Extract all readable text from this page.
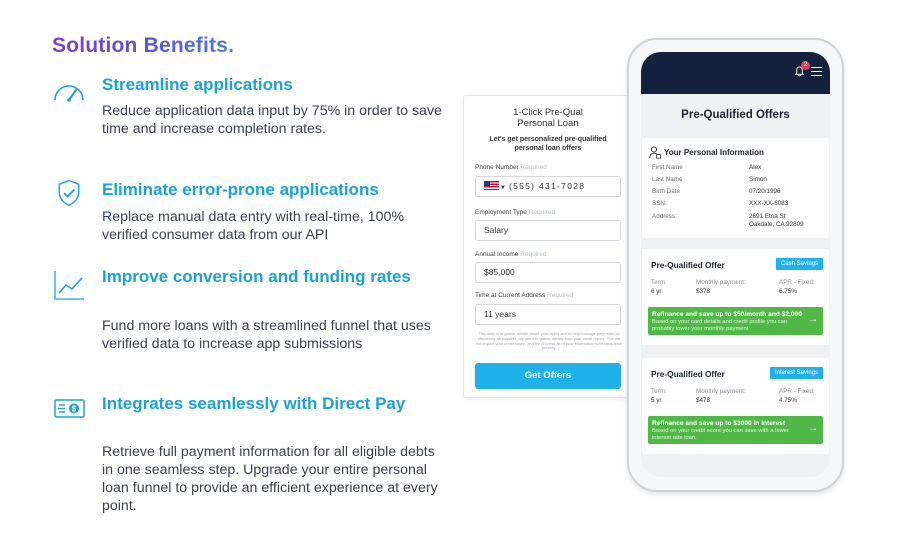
Solution Benefits.
Streamline applications

Reduce application data input by 75% in order to save time and increase completion rates.

Eliminate error-prone applications

Replace manual data entry with real-time, 100% verified consumer data from our API

Improve conversion and funding rates

Fund more loans with a streamlined funnel that uses verified data to increase app submissions

$ Integrates seamlessly with Direct Pay

Retrieve full payment information for all eligible debts in one seamless step. Upgrade your entire personal loan funnel to provide an efficient experience at every point.

1-Click Pre-Qual
Personal Loan
Let's get personalized pre-qualified
personal loan offers
Phone Number Required
▼ (555) 431-7028
Employment Type Required
Salary
Annual Income Required
$85,000
Time at Current Address Required
11 years
This step is to gather details about your debts and to help manage payments as effectively as possible, we need to gather details from your credit report. This will not impact your credit score, and we process all of your information with bank-level security.
Get Offers
2
Pre-Qualified Offers
Your Personal Information
First Name	Alex
Last Name	Simon
Birth Date	07/20/1996
SSN:	XXX-XX-6083
Address:	2691 Etna St
Oakdale, CA 92809
Pre-Qualified Offer	Cash Savings
Term:
6 yr
Monthly payment:
$378
APR - Fixed:
6.75%
Refinance and save up to $50/month and $2,000
Based on your card details and credit profile you can probably lower your monthly payment
→
Pre-Qualified Offer	Interest Savings
Term:
5 yr
Monthly payment:
$478
APR - Fixed:
4.75%
Refinance and save up to $3000 in interest
Based on your credit score you can save with a lower interest rate loan.
→
